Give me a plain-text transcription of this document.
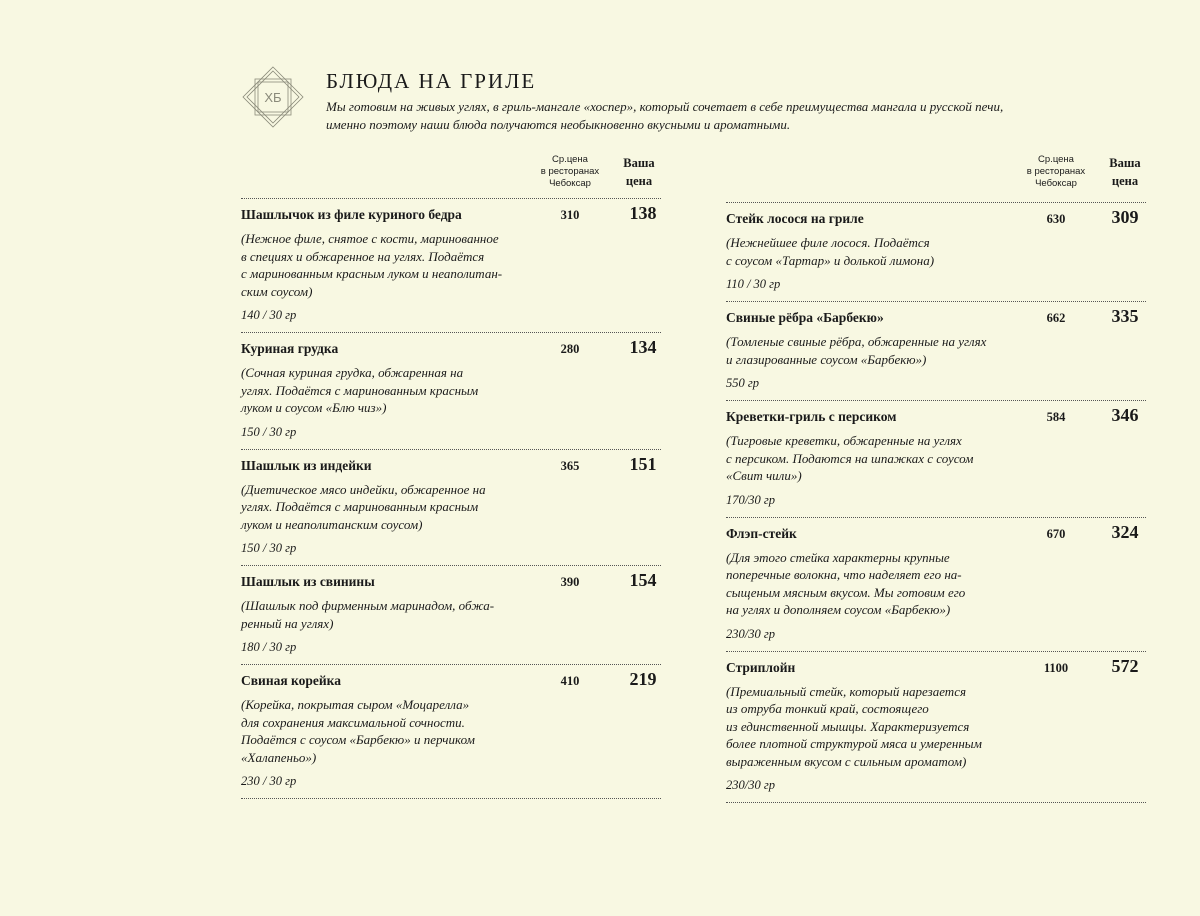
ХБ
БЛЮДА НА ГРИЛЕ

Мы готовим на живых углях, в гриль-мангале «хоспер», который сочетает в себе преимущества мангала и русской печи, именно поэтому наши блюда получаются необыкновенно вкусными и ароматными.

Ср.цена
в ресторанах
Чебоксар
Ваша
цена
Шашлычок из филе куриного бедра
(Нежное филе, снятое с кости, маринованное
в специях и обжаренное на углях. Подаётся
с маринованным красным луком и неаполитан-
ским соусом)
140 / 30 гр
310	138
Куриная грудка
(Сочная куриная грудка, обжаренная на
углях. Подаётся с маринованным красным
луком и соусом «Блю чиз»)
150 / 30 гр
280	134
Шашлык из индейки
(Диетическое мясо индейки, обжаренное на
углях. Подаётся с маринованным красным
луком и неаполитанским соусом)
150 / 30 гр
365	151
Шашлык из свинины
(Шашлык под фирменным маринадом, обжа-
ренный на углях)
180 / 30 гр
390	154
Свиная корейка
(Корейка, покрытая сыром «Моцарелла»
для сохранения максимальной сочности.
Подаётся с соусом «Барбекю» и перчиком
«Халапеньо»)
230 / 30 гр
410	219
Ср.цена
в ресторанах
Чебоксар
Ваша
цена
Стейк лосося на гриле
(Нежнейшее филе лосося. Подаётся
с соусом «Тартар» и долькой лимона)
110 / 30 гр
630	309
Свиные рёбра «Барбекю»
(Томленые свиные рёбра, обжаренные на углях
и глазированные соусом «Барбекю»)
550 гр
662	335
Креветки-гриль с персиком
(Тигровые креветки, обжаренные на углях
с персиком. Подаются на шпажках с соусом
«Свит чили»)
170/30 гр
584	346
Флэп-стейк
(Для этого стейка характерны крупные
поперечные волокна, что наделяет его на-
сыщеным мясным вкусом. Мы готовим его
на углях и дополняем соусом «Барбекю»)
230/30 гр
670	324
Стриплойн
(Премиальный стейк, который нарезается
из отруба тонкий край, состоящего
из единственной мышцы. Характеризуется
более плотной структурой мяса и умеренным
выраженным вкусом с сильным ароматом)
230/30 гр
1100	572
